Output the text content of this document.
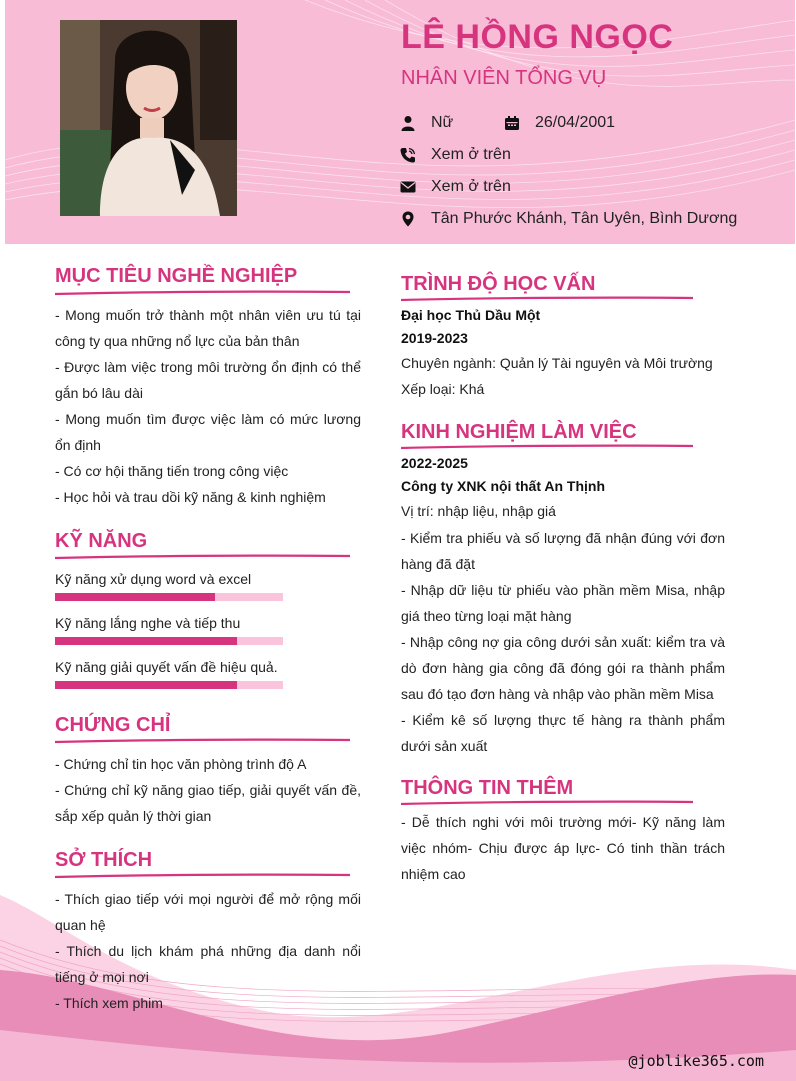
LÊ HỒNG NGỌC
NHÂN VIÊN TỔNG VỤ
Nữ	26/04/2001
Xem ở trên
Xem ở trên
Tân Phước Khánh, Tân Uyên, Bình Dương
MỤC TIÊU NGHỀ NGHIỆP

- Mong muốn trở thành một nhân viên ưu tú tại công ty qua những nổ lực của bản thân

- Được làm việc trong môi trường ổn định có thể gắn bó lâu dài

- Mong muốn tìm được việc làm có mức lương ổn định

- Có cơ hội thăng tiến trong công việc

- Học hỏi và trau dồi kỹ năng & kinh nghiệm

KỸ NĂNG
Kỹ năng xử dụng word và excel
Kỹ năng lắng nghe và tiếp thu
Kỹ năng giải quyết vấn đề hiệu quả.
CHỨNG CHỈ

- Chứng chỉ tin học văn phòng trình độ A

- Chứng chỉ kỹ năng giao tiếp, giải quyết vấn đề, sắp xếp quản lý thời gian

SỞ THÍCH

- Thích giao tiếp với mọi người để mở rộng mối quan hệ

- Thích du lịch khám phá những địa danh nổi tiếng ở mọi nơi

- Thích xem phim

TRÌNH ĐỘ HỌC VẤN
Đại học Thủ Dầu Một
2019-2023
Chuyên ngành: Quản lý Tài nguyên và Môi trường
Xếp loại: Khá
KINH NGHIỆM LÀM VIỆC
2022-2025
Công ty XNK nội thất An Thịnh
Vị trí: nhập liệu, nhập giá

- Kiểm tra phiếu và số lượng đã nhận đúng với đơn hàng đã đặt

- Nhập dữ liệu từ phiếu vào phần mềm Misa, nhập giá theo từng loại mặt hàng

- Nhập công nợ gia công dưới sản xuất: kiểm tra và dò đơn hàng gia công đã đóng gói ra thành phẩm sau đó tạo đơn hàng và nhập vào phần mềm Misa

- Kiểm kê số lượng thực tế hàng ra thành phẩm dưới sản xuất

THÔNG TIN THÊM
- Dễ thích nghi với môi trường mới- Kỹ năng làm việc nhóm- Chịu được áp lực- Có tinh thần trách nhiệm cao
@joblike365.com
